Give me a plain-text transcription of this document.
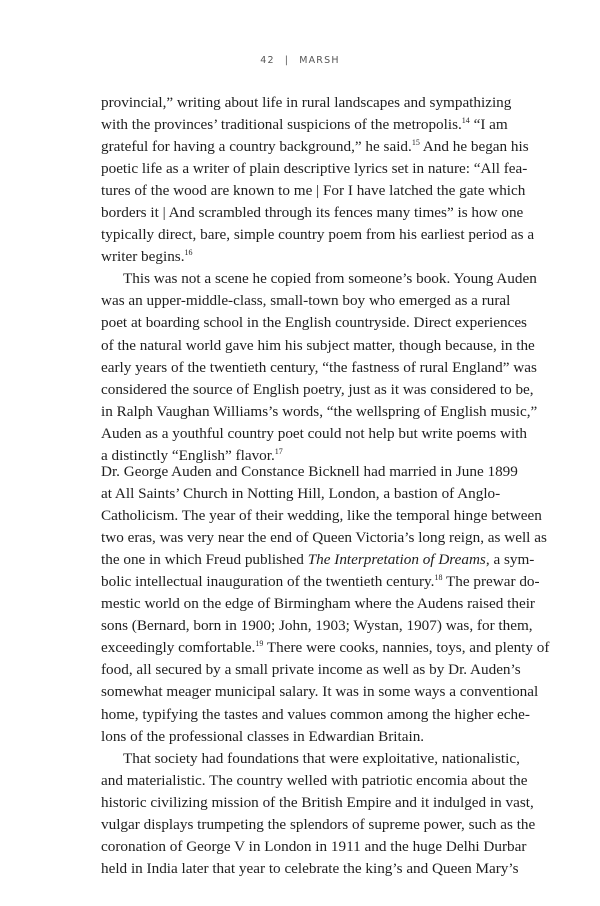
42 | MARSH
provincial,” writing about life in rural landscapes and sympathizing
with the provinces’ traditional suspicions of the metropolis.$^{14}$ “I am
grateful for having a country background,” he said.$^{15}$ And he began his
poetic life as a writer of plain descriptive lyrics set in nature: “All fea-
tures of the wood are known to me | For I have latched the gate which
borders it | And scrambled through its fences many times” is how one
typically direct, bare, simple country poem from his earliest period as a
writer begins.$^{16}$
This was not a scene he copied from someone’s book. Young Auden
was an upper-middle-class, small-town boy who emerged as a rural
poet at boarding school in the English countryside. Direct experiences
of the natural world gave him his subject matter, though because, in the
early years of the twentieth century, “the fastness of rural England” was
considered the source of English poetry, just as it was considered to be,
in Ralph Vaughan Williams’s words, “the wellspring of English music,”
Auden as a youthful country poet could not help but write poems with
a distinctly “English” flavor.$^{17}$
Dr. George Auden and Constance Bicknell had married in June 1899
at All Saints’ Church in Notting Hill, London, a bastion of Anglo-
Catholicism. The year of their wedding, like the temporal hinge between
two eras, was very near the end of Queen Victoria’s long reign, as well as
the one in which Freud published The Interpretation of Dreams, a sym-
bolic intellectual inauguration of the twentieth century.$^{18}$ The prewar do-
mestic world on the edge of Birmingham where the Audens raised their
sons (Bernard, born in 1900; John, 1903; Wystan, 1907) was, for them,
exceedingly comfortable.$^{19}$ There were cooks, nannies, toys, and plenty of
food, all secured by a small private income as well as by Dr. Auden’s
somewhat meager municipal salary. It was in some ways a conventional
home, typifying the tastes and values common among the higher eche-
lons of the professional classes in Edwardian Britain.
That society had foundations that were exploitative, nationalistic,
and materialistic. The country welled with patriotic encomia about the
historic civilizing mission of the British Empire and it indulged in vast,
vulgar displays trumpeting the splendors of supreme power, such as the
coronation of George V in London in 1911 and the huge Delhi Durbar
held in India later that year to celebrate the king’s and Queen Mary’s
